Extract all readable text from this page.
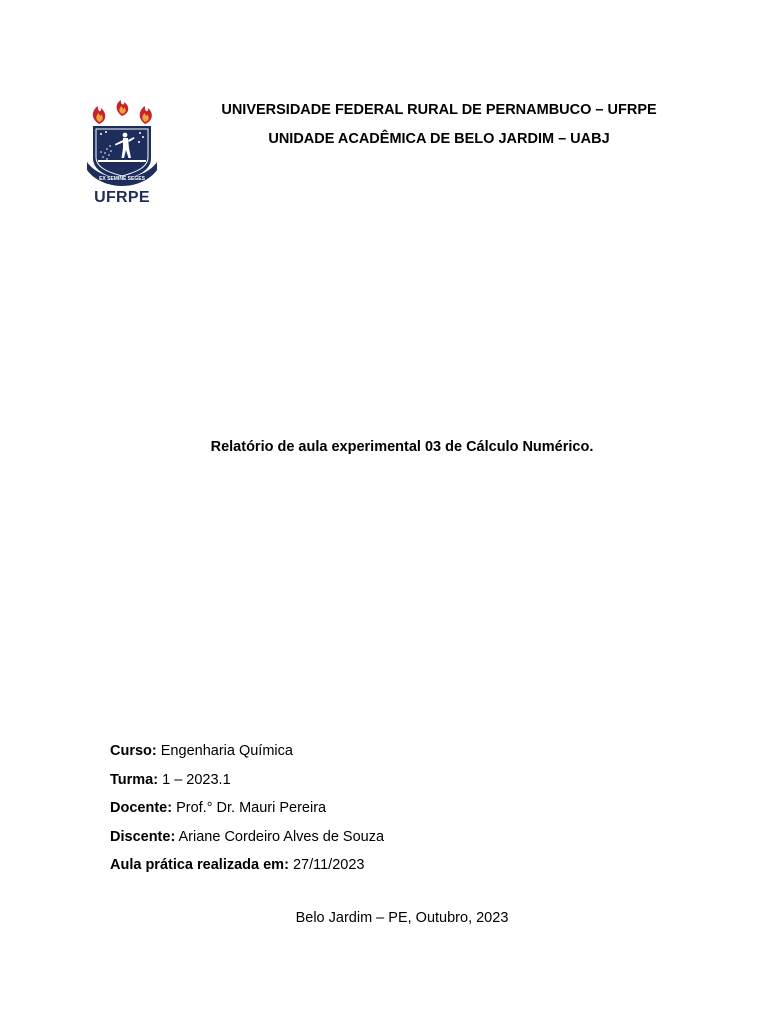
EX SEMINE SEGES
UFRPE
UNIVERSIDADE FEDERAL RURAL DE PERNAMBUCO – UFRPE
UNIDADE ACADÊMICA DE BELO JARDIM – UABJ
Relatório de aula experimental 03 de Cálculo Numérico.
Curso: Engenharia Química
Turma: 1 – 2023.1
Docente: Prof.° Dr. Mauri Pereira
Discente: Ariane Cordeiro Alves de Souza
Aula prática realizada em: 27/11/2023
Belo Jardim – PE, Outubro, 2023
